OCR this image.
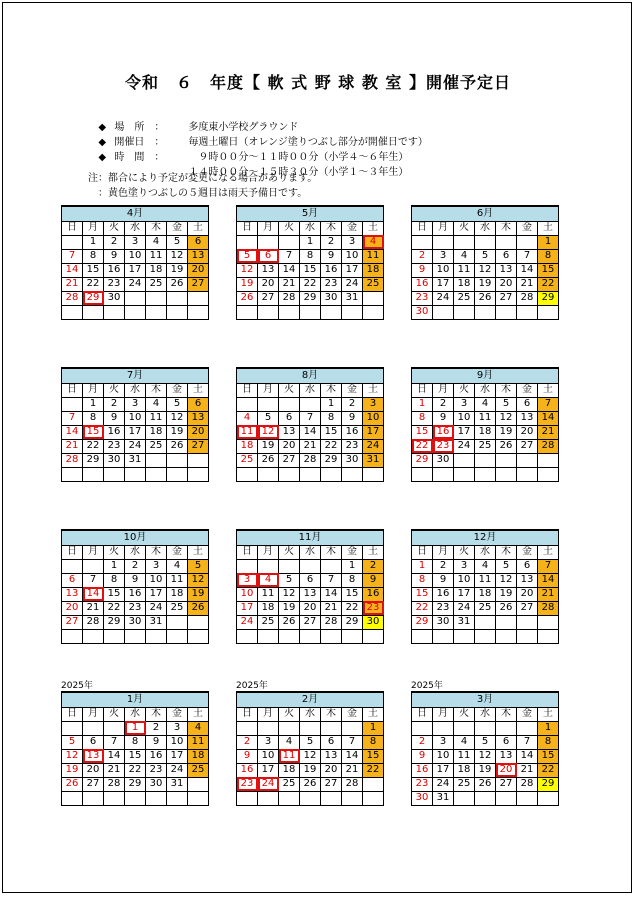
令和　６　年度【 軟 式 野 球 教 室 】開催予定日

◆ 場　所　： 多度東小学校グラウンド

◆ 開催日　： 毎週土曜日（オレンジ塗りつぶし部分が開催日です）

◆ 時　間　：　９時００分～１１時００分（小学４～６年生）

１４時００分～１５時３０分（小学１～３年生）

注：都合により予定が変更になる場合があります。
　：黄色塗りつぶしの５週目は雨天予備日です。
4月						
日	月	火	水	木	金	土
	1	2	3	4	5	6
7	8	9	10	11	12	13
14	15	16	17	18	19	20
21	22	23	24	25	26	27
28	29	30				

5月						
日	月	火	水	木	金	土
			1	2	3	4
5	6	7	8	9	10	11
12	13	14	15	16	17	18
19	20	21	22	23	24	25
26	27	28	29	30	31	

6月						
日	月	火	水	木	金	土
						1
2	3	4	5	6	7	8
9	10	11	12	13	14	15
16	17	18	19	20	21	22
23	24	25	26	27	28	29
30						
7月						
日	月	火	水	木	金	土
	1	2	3	4	5	6
7	8	9	10	11	12	13
14	15	16	17	18	19	20
21	22	23	24	25	26	27
28	29	30	31			

8月						
日	月	火	水	木	金	土
				1	2	3
4	5	6	7	8	9	10
11	12	13	14	15	16	17
18	19	20	21	22	23	24
25	26	27	28	29	30	31

9月						
日	月	火	水	木	金	土
1	2	3	4	5	6	7
8	9	10	11	12	13	14
15	16	17	18	19	20	21
22	23	24	25	26	27	28
29	30					

10月						
日	月	火	水	木	金	土
		1	2	3	4	5
6	7	8	9	10	11	12
13	14	15	16	17	18	19
20	21	22	23	24	25	26
27	28	29	30	31		

11月						
日	月	火	水	木	金	土
					1	2
3	4	5	6	7	8	9
10	11	12	13	14	15	16
17	18	19	20	21	22	23
24	25	26	27	28	29	30

12月						
日	月	火	水	木	金	土
1	2	3	4	5	6	7
8	9	10	11	12	13	14
15	16	17	18	19	20	21
22	23	24	25	26	27	28
29	30	31				

2025年
1月						
日	月	火	水	木	金	土
			1	2	3	4
5	6	7	8	9	10	11
12	13	14	15	16	17	18
19	20	21	22	23	24	25
26	27	28	29	30	31	

2025年
2月						
日	月	火	水	木	金	土
						1
2	3	4	5	6	7	8
9	10	11	12	13	14	15
16	17	18	19	20	21	22
23	24	25	26	27	28	

2025年
3月						
日	月	火	水	木	金	土
						1
2	3	4	5	6	7	8
9	10	11	12	13	14	15
16	17	18	19	20	21	22
23	24	25	26	27	28	29
30	31					
